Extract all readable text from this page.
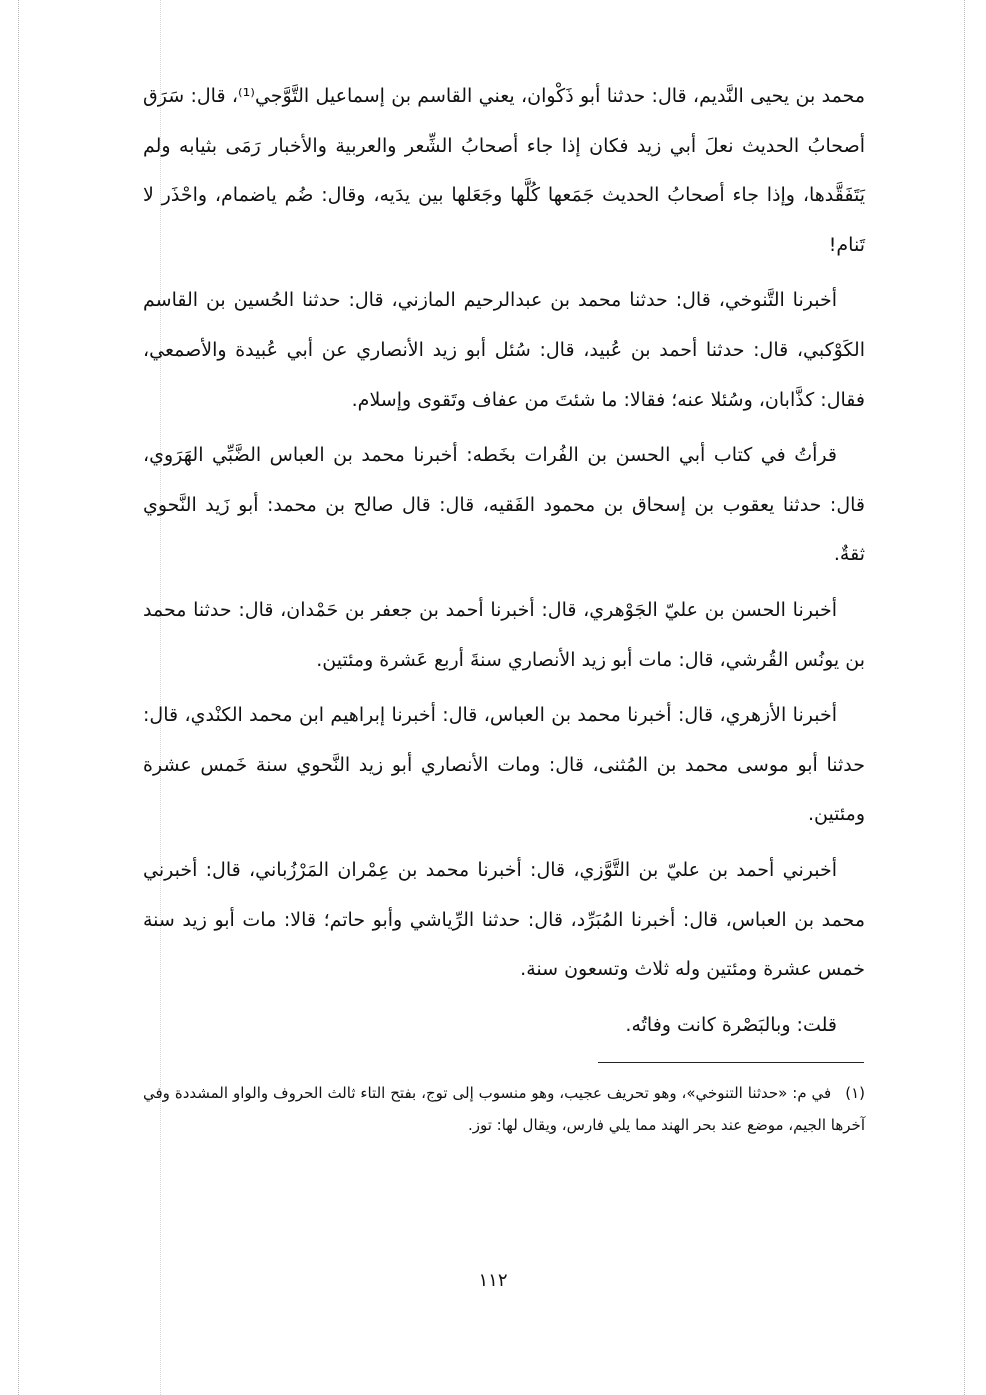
محمد بن يحيى النَّديم، قال: حدثنا أبو ذَكْوان، يعني القاسم بن إسماعيل التَّوَّجي⁽¹⁾، قال: سَرَق أصحابُ الحديث نعلَ أبي زيد فكان إذا جاء أصحابُ الشِّعر والعربية والأخبار رَمَى بثيابه ولم يَتَفَقَّدها، وإذا جاء أصحابُ الحديث جَمَعها كُلَّها وجَعَلها بين يدَيه، وقال: ضُم ياضمام، واحْذَر لا تَنام!

أخبرنا التَّنوخي، قال: حدثنا محمد بن عبدالرحيم المازني، قال: حدثنا الحُسين بن القاسم الكَوْكبي، قال: حدثنا أحمد بن عُبيد، قال: سُئل أبو زيد الأنصاري عن أبي عُبيدة والأصمعي، فقال: كذَّابان، وسُئلا عنه؛ فقالا: ما شئتَ من عفاف وتَقوى وإسلام.

قرأتُ في كتاب أبي الحسن بن الفُرات بخَطه: أخبرنا محمد بن العباس الضَّبِّي الهَرَوي، قال: حدثنا يعقوب بن إسحاق بن محمود الفَقيه، قال: قال صالح بن محمد: أبو زَيد النَّحوي ثقةٌ.

أخبرنا الحسن بن عليّ الجَوْهري، قال: أخبرنا أحمد بن جعفر بن حَمْدان، قال: حدثنا محمد بن يونُس القُرشي، قال: مات أبو زيد الأنصاري سنةَ أربع عَشرة ومئتين.

أخبرنا الأزهري، قال: أخبرنا محمد بن العباس، قال: أخبرنا إبراهيم ابن محمد الكنْدي، قال: حدثنا أبو موسى محمد بن المُثنى، قال: ومات الأنصاري أبو زيد النَّحوي سنة خَمس عشرة ومئتين.

أخبرني أحمد بن عليّ بن التَّوَّزي، قال: أخبرنا محمد بن عِمْران المَرْزُباني، قال: أخبرني محمد بن العباس، قال: أخبرنا المُبَرِّد، قال: حدثنا الرِّياشي وأبو حاتم؛ قالا: مات أبو زيد سنة خمس عشرة ومئتين وله ثلاث وتسعون سنة.

قلت: وبالبَصْرة كانت وفاتُه.

(١)في م: «حدثنا التنوخي»، وهو تحريف عجيب، وهو منسوب إلى توج، بفتح التاء ثالث الحروف والواو المشددة وفي آخرها الجيم، موضع عند بحر الهند مما يلي فارس، ويقال لها: توز.
١١٢
